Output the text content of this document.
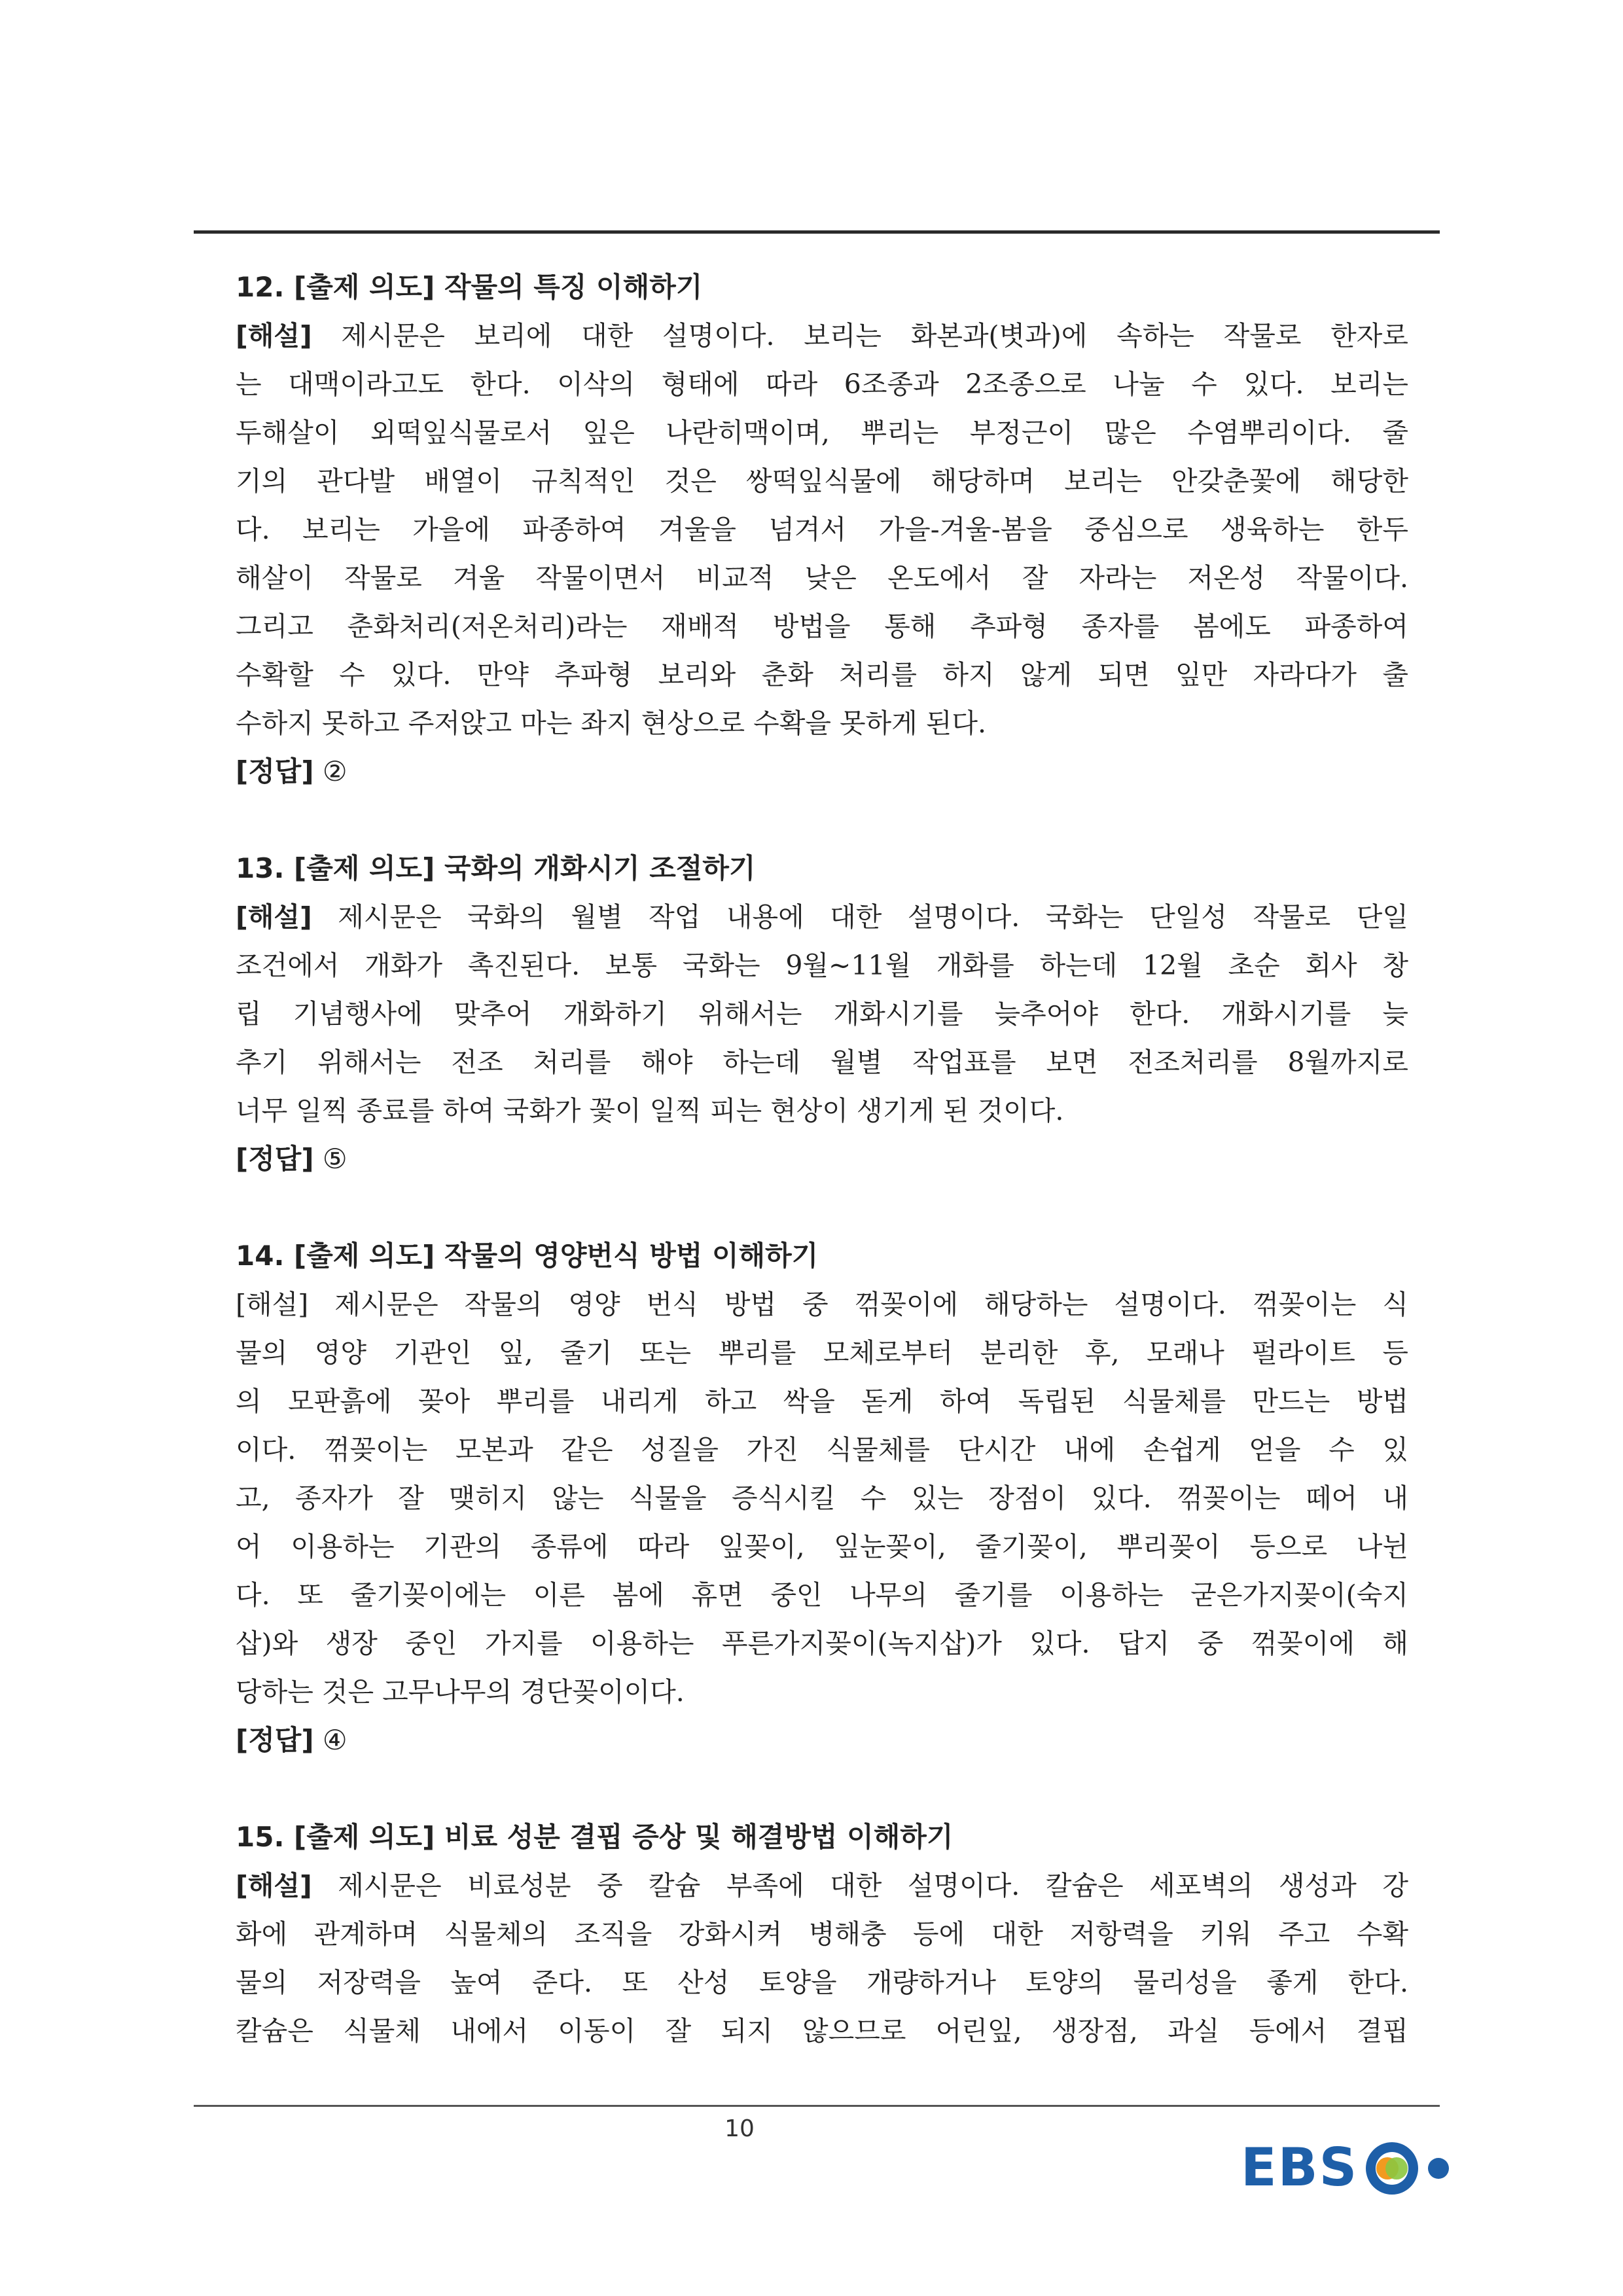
12. [출제 의도] 작물의 특징 이해하기
[해설] 제시문은 보리에 대한 설명이다. 보리는 화본과(볏과)에 속하는 작물로 한자로
는 대맥이라고도 한다. 이삭의 형태에 따라 6조종과 2조종으로 나눌 수 있다. 보리는
두해살이 외떡잎식물로서 잎은 나란히맥이며, 뿌리는 부정근이 많은 수염뿌리이다. 줄
기의 관다발 배열이 규칙적인 것은 쌍떡잎식물에 해당하며 보리는 안갖춘꽃에 해당한
다. 보리는 가을에 파종하여 겨울을 넘겨서 가을-겨울-봄을 중심으로 생육하는 한두
해살이 작물로 겨울 작물이면서 비교적 낮은 온도에서 잘 자라는 저온성 작물이다.
그리고 춘화처리(저온처리)라는 재배적 방법을 통해 추파형 종자를 봄에도 파종하여
수확할 수 있다. 만약 추파형 보리와 춘화 처리를 하지 않게 되면 잎만 자라다가 출
수하지 못하고 주저앉고 마는 좌지 현상으로 수확을 못하게 된다.
[정답] ②
13. [출제 의도] 국화의 개화시기 조절하기
[해설] 제시문은 국화의 월별 작업 내용에 대한 설명이다. 국화는 단일성 작물로 단일
조건에서 개화가 촉진된다. 보통 국화는 9월~11월 개화를 하는데 12월 초순 회사 창
립 기념행사에 맞추어 개화하기 위해서는 개화시기를 늦추어야 한다. 개화시기를 늦
추기 위해서는 전조 처리를 해야 하는데 월별 작업표를 보면 전조처리를 8월까지로
너무 일찍 종료를 하여 국화가 꽃이 일찍 피는 현상이 생기게 된 것이다.
[정답] ⑤
14. [출제 의도] 작물의 영양번식 방법 이해하기
[해설] 제시문은 작물의 영양 번식 방법 중 꺾꽂이에 해당하는 설명이다. 꺾꽂이는 식
물의 영양 기관인 잎, 줄기 또는 뿌리를 모체로부터 분리한 후, 모래나 펄라이트 등
의 모판흙에 꽂아 뿌리를 내리게 하고 싹을 돋게 하여 독립된 식물체를 만드는 방법
이다. 꺾꽂이는 모본과 같은 성질을 가진 식물체를 단시간 내에 손쉽게 얻을 수 있
고, 종자가 잘 맺히지 않는 식물을 증식시킬 수 있는 장점이 있다. 꺾꽂이는 떼어 내
어 이용하는 기관의 종류에 따라 잎꽂이, 잎눈꽂이, 줄기꽂이, 뿌리꽂이 등으로 나뉜
다. 또 줄기꽂이에는 이른 봄에 휴면 중인 나무의 줄기를 이용하는 굳은가지꽂이(숙지
삽)와 생장 중인 가지를 이용하는 푸른가지꽂이(녹지삽)가 있다. 답지 중 꺾꽂이에 해
당하는 것은 고무나무의 경단꽂이이다.
[정답] ④
15. [출제 의도] 비료 성분 결핍 증상 및 해결방법 이해하기
[해설] 제시문은 비료성분 중 칼슘 부족에 대한 설명이다. 칼슘은 세포벽의 생성과 강
화에 관계하며 식물체의 조직을 강화시켜 병해충 등에 대한 저항력을 키워 주고 수확
물의 저장력을 높여 준다. 또 산성 토양을 개량하거나 토양의 물리성을 좋게 한다.
칼슘은 식물체 내에서 이동이 잘 되지 않으므로 어린잎, 생장점, 과실 등에서 결핍
10
EBS
